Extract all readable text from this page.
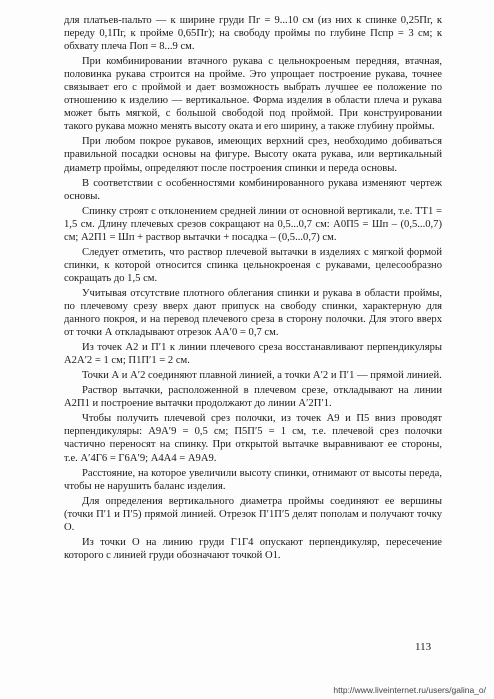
для платьев-пальто — к ширине груди Пг = 9...10 см (из них к спинке 0,25Пг, к переду 0,1Пг, к пройме 0,65Пг); на свободу проймы по глубине Пспр = 3 см; к обхвату плеча Поп = 8...9 см.

При комбинировании втачного рукава с цельнокроеным передняя, втачная, половинка рукава строится на пройме. Это упрощает построение рукава, точнее связывает его с проймой и дает возможность выбрать лучшее ее положение по отношению к изделию — вертикальное. Форма изделия в области плеча и рукава может быть мягкой, с большой свободой под проймой. При конструировании такого рукава можно менять высоту оката и его ширину, а также глубину проймы.

При любом покрое рукавов, имеющих верхний срез, необходимо добиваться правильной посадки основы на фигуре. Высоту оката рукава, или вертикальный диаметр проймы, определяют после построения спинки и переда основы.

В соответствии с особенностями комбинированного рукава изменяют чертеж основы.

Спинку строят с отклонением средней линии от основной вертикали, т.е. ТТ1 = 1,5 см. Длину плечевых срезов сокращают на 0,5...0,7 см: А0П5 = Шп – (0,5...0,7) см; А2П1 = Шп + раствор вытачки + посадка – (0,5...0,7) см.

Следует отметить, что раствор плечевой вытачки в изделиях с мягкой формой спинки, к которой относится спинка цельнокроеная с рукавами, целесообразно сокращать до 1,5 см.

Учитывая отсутствие плотного облегания спинки и рукава в области проймы, по плечевому срезу вверх дают припуск на свободу спинки, характерную для данного покроя, и на перевод плечевого среза в сторону полочки. Для этого вверх от точки А откладывают отрезок АА′0 = 0,7 см.

Из точек А2 и П′1 к линии плечевого среза восстанавливают перпендикуляры А2А′2 = 1 см; П1П′1 = 2 см.

Точки А и А′2 соединяют плавной линией, а точки А′2 и П′1 — прямой линией.

Раствор вытачки, расположенной в плечевом срезе, откладывают на линии А2П1 и построение вытачки продолжают до линии А′2П′1.

Чтобы получить плечевой срез полочки, из точек А9 и П5 вниз проводят перпендикуляры: А9А′9 = 0,5 см; П5П′5 = 1 см, т.е. плечевой срез полочки частично переносят на спинку. При открытой вытачке выравнивают ее стороны, т.е. А′4Г6 = Г6А′9; А4А4 = А9А9.

Расстояние, на которое увеличили высоту спинки, отнимают от высоты переда, чтобы не нарушить баланс изделия.

Для определения вертикального диаметра проймы соединяют ее вершины (точки П′1 и П′5) прямой линией. Отрезок П′1П′5 делят пополам и получают точку О.

Из точки О на линию груди Г1Г4 опускают перпендикуляр, пересечение которого с линией груди обозначают точкой О1.

113
http://www.liveinternet.ru/users/galina_o/
